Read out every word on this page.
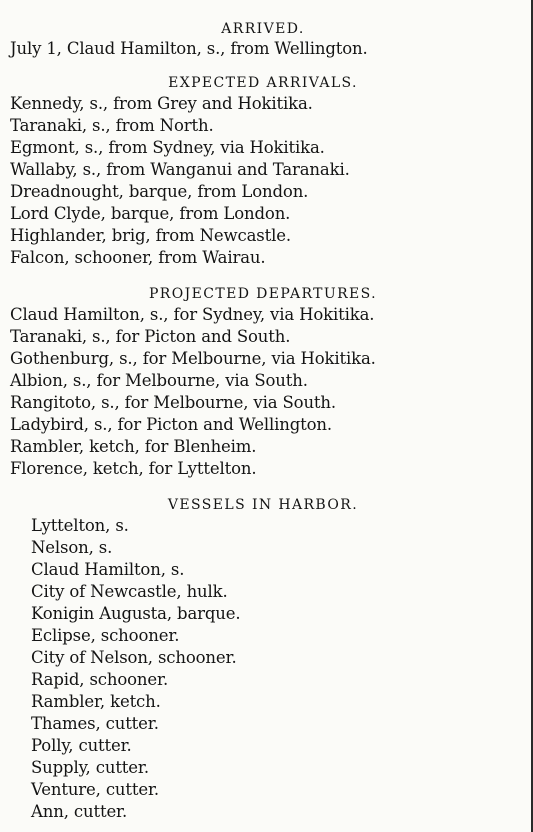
ARRIVED.
July 1, Claud Hamilton, s., from Wellington.
EXPECTED ARRIVALS.
Kennedy, s., from Grey and Hokitika.
Taranaki, s., from North.
Egmont, s., from Sydney, via Hokitika.
Wallaby, s., from Wanganui and Taranaki.
Dreadnought, barque, from London.
Lord Clyde, barque, from London.
Highlander, brig, from Newcastle.
Falcon, schooner, from Wairau.
PROJECTED DEPARTURES.
Claud Hamilton, s., for Sydney, via Hokitika.
Taranaki, s., for Picton and South.
Gothenburg, s., for Melbourne, via Hokitika.
Albion, s., for Melbourne, via South.
Rangitoto, s., for Melbourne, via South.
Ladybird, s., for Picton and Wellington.
Rambler, ketch, for Blenheim.
Florence, ketch, for Lyttelton.
VESSELS IN HARBOR.
Lyttelton, s.
Nelson, s.
Claud Hamilton, s.
City of Newcastle, hulk.
Konigin Augusta, barque.
Eclipse, schooner.
City of Nelson, schooner.
Rapid, schooner.
Rambler, ketch.
Thames, cutter.
Polly, cutter.
Supply, cutter.
Venture, cutter.
Ann, cutter.
